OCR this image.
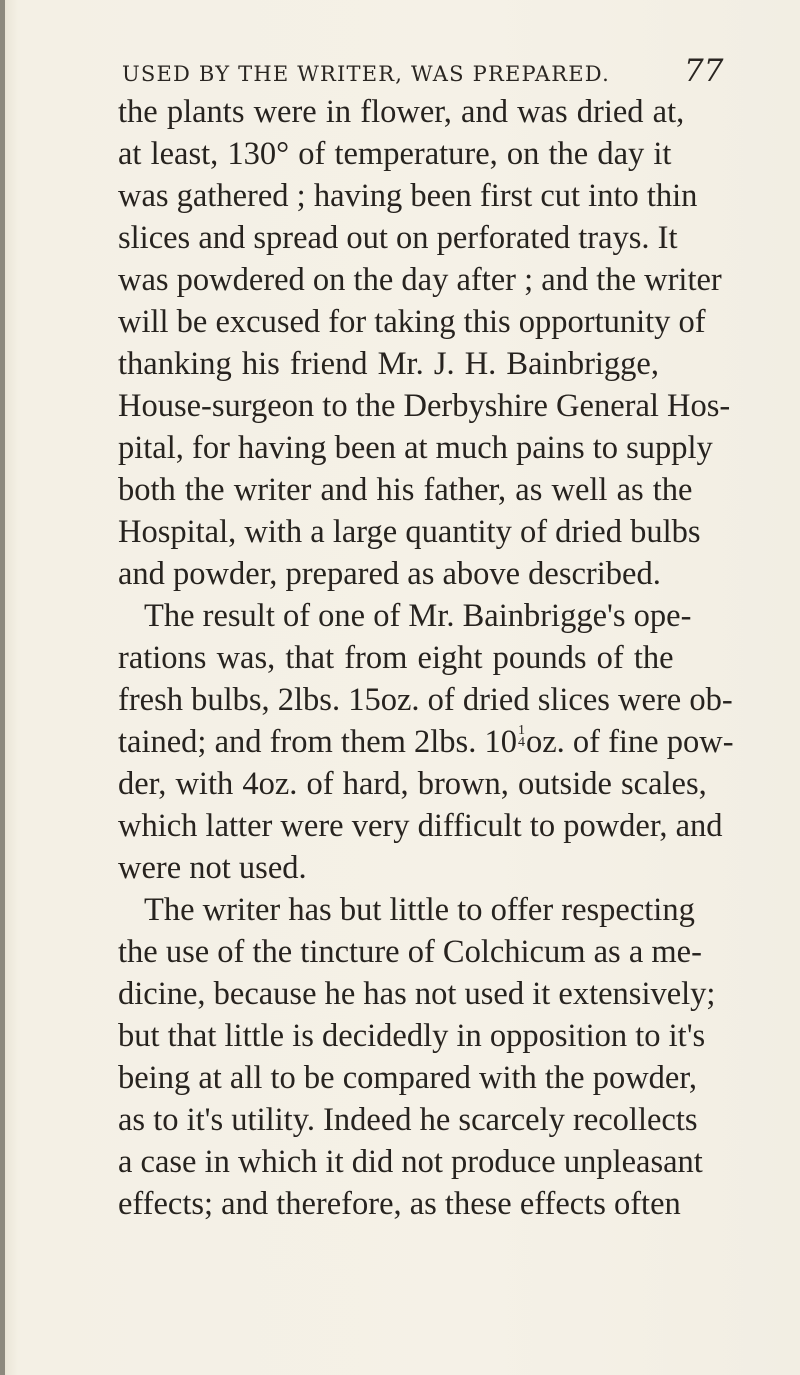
USED BY THE WRITER, WAS PREPARED. 77
the plants were in flower, and was dried at,
at least, 130° of temperature, on the day it
was gathered ; having been first cut into thin
slices and spread out on perforated trays. It
was powdered on the day after ; and the writer
will be excused for taking this opportunity of
thanking his friend Mr. J. H. Bainbrigge,
House-surgeon to the Derbyshire General Hos-
pital, for having been at much pains to supply
both the writer and his father, as well as the
Hospital, with a large quantity of dried bulbs
and powder, prepared as above described.
The result of one of Mr. Bainbrigge's ope-
rations was, that from eight pounds of the
fresh bulbs, 2lbs. 15oz. of dried slices were ob-
tained; and from them 2lbs. 10 1
4 oz. of fine pow-
der, with 4oz. of hard, brown, outside scales,
which latter were very difficult to powder, and
were not used.
The writer has but little to offer respecting
the use of the tincture of Colchicum as a me-
dicine, because he has not used it extensively;
but that little is decidedly in opposition to it's
being at all to be compared with the powder,
as to it's utility. Indeed he scarcely recollects
a case in which it did not produce unpleasant
effects; and therefore, as these effects often
